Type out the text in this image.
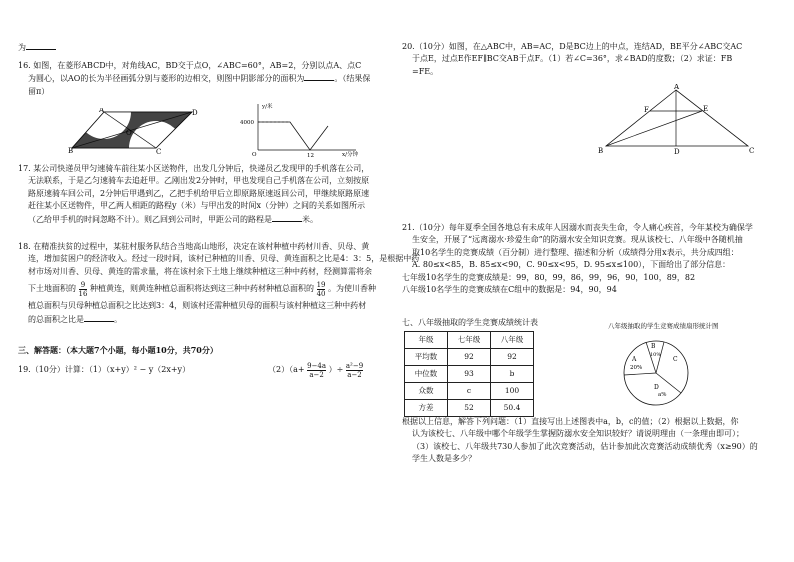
为
16. 如图，在菱形ABCD中，对角线AC，BD交于点O，∠ABC=60°，AB=2，分别以点A、点C
为圆心，以AO的长为半径画弧分别与菱形的边相交，则图中阴影部分的面积为	。（结果保
留π）
A	D
B	C
O
y/米
x/分钟
4000
12
O
17. 某公司快递员甲匀速骑车前往某小区送物件，出发几分钟后，快递员乙发现甲的手机落在公司，
无法联系，于是乙匀速骑车去追赶甲。乙刚出发2分钟时，甲也发现自己手机落在公司，立刻按原
路原速骑车回公司，2分钟后甲遇到乙，乙把手机给甲后立即原路原速返回公司，甲继续原路原速
赶往某小区送物件，甲乙两人相距的路程y（米）与甲出发的时间x（分钟）之间的关系如图所示
（乙给甲手机的时间忽略不计）。则乙回到公司时，甲距公司的路程是	米。
18. 在精准扶贫的过程中，某驻村服务队结合当地高山地形，决定在该村种植中药材川香、贝母、黄
连，增加贫困户的经济收入。经过一段时间，该村已种植的川香、贝母、黄连面积之比是4：3：5，是根据中药
材市场对川香、贝母、黄连的需求量，将在该村余下土地上继续种植这三种中药材，经测算需将余
下土地面积的 $\frac{9}{16}$ 种植黄连，则黄连种植总面积将达到这三种中药材种植总面积的 $\frac{19}{40}$ 。为使川香种
植总面积与贝母种植总面积之比达到3：4，则该村还需种植贝母的面积与该村种植这三种中药材
的总面积之比是	。
三、解答题：（本大题7个小题，每小题10分，共70分）
19.（10分）计算：（1）（x+y）² − y（2x+y）	$(2)(a+ \frac{9-4a}{a-2}$ ）÷ $\frac{\text{a²−9}}{a-2}$
20.（10分）如图，在△ABC中，AB=AC，D是BC边上的中点，连结AD，BE平分∠ABC交AC
于点E，过点E作EF∥BC交AB于点F。（1）若∠C=36°，求∠BAD的度数；（2）求证：FB
=FE。
A
B	C
D
E
F
21.（10分）每年夏季全国各地总有未成年人因溺水而丧失生命，令人痛心疾首，今年某校为确保学
生安全，开展了“远离溺水·珍爱生命”的防溺水安全知识竞赛。现从该校七、八年级中各随机抽
取10名学生的竞赛成绩（百分制）进行整理、描述和分析（成绩得分用x表示，共分成四组：
A. 80≤x<85，B. 85≤x<90，C. 90≤x<95，D. 95≤x≤100），下面给出了部分信息：
七年级10名学生的竞赛成绩是：99，80，99，86，99，96，90，100，89，82
八年级10名学生的竞赛成绩在C组中的数据是：94，90，94
七、八年级抽取的学生竞赛成绩统计表
年级	七年级	八年级
平均数	92	92
中位数	93	b
众数	c	100
方差	52	50.4
八年级抽取的学生竞赛成绩扇形统计图
B
10%
A
20%
C
D
a%
根据以上信息，解答下列问题：（1）直接写出上述图表中a，b，c的值；（2）根据以上数据，你
认为该校七、八年级中哪个年级学生掌握防溺水安全知识较好？请说明理由（一条理由即可）；
（3）该校七、八年级共730人参加了此次竞赛活动，估计参加此次竞赛活动成绩优秀（x≥90）的
学生人数是多少？
